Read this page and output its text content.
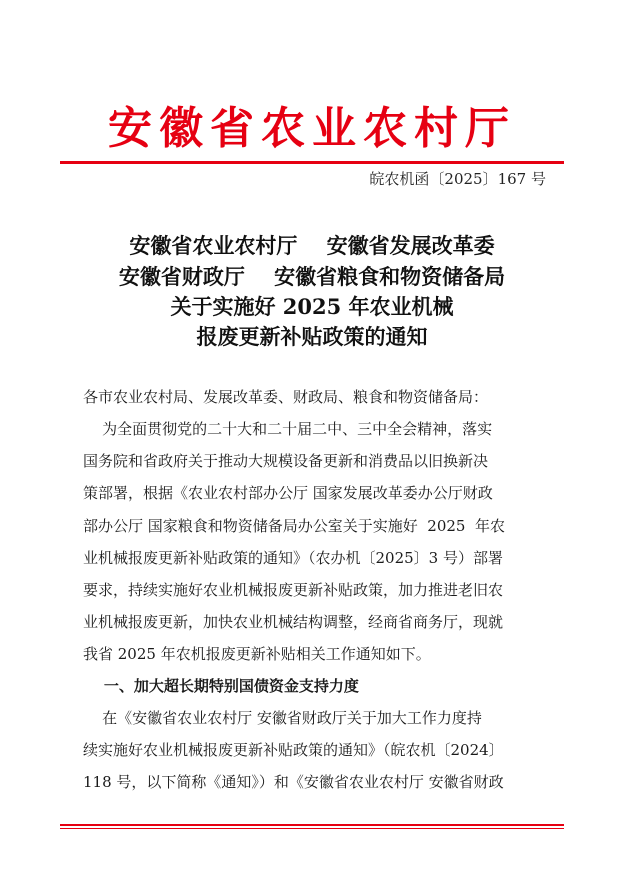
安徽省农业农村厅
皖农机函〔2025〕167 号
安徽省农业农村厅    安徽省发展改革委
安徽省财政厅    安徽省粮食和物资储备局
关于实施好 2025 年农业机械
报废更新补贴政策的通知
各市农业农村局、发展改革委、财政局、粮食和物资储备局：
为全面贯彻党的二十大和二十届二中、三中全会精神，落实
国务院和省政府关于推动大规模设备更新和消费品以旧换新决
策部署，根据《农业农村部办公厅 国家发展改革委办公厅财政
部办公厅 国家粮食和物资储备局办公室关于实施好  2025  年农
业机械报废更新补贴政策的通知》（农办机〔2025〕3 号）部署
要求，持续实施好农业机械报废更新补贴政策，加力推进老旧农
业机械报废更新，加快农业机械结构调整，经商省商务厅，现就
我省 2025 年农机报废更新补贴相关工作通知如下。
一、加大超长期特别国债资金支持力度
在《安徽省农业农村厅 安徽省财政厅关于加大工作力度持
续实施好农业机械报废更新补贴政策的通知》（皖农机〔2024〕
118 号，以下简称《通知》）和《安徽省农业农村厅 安徽省财政
